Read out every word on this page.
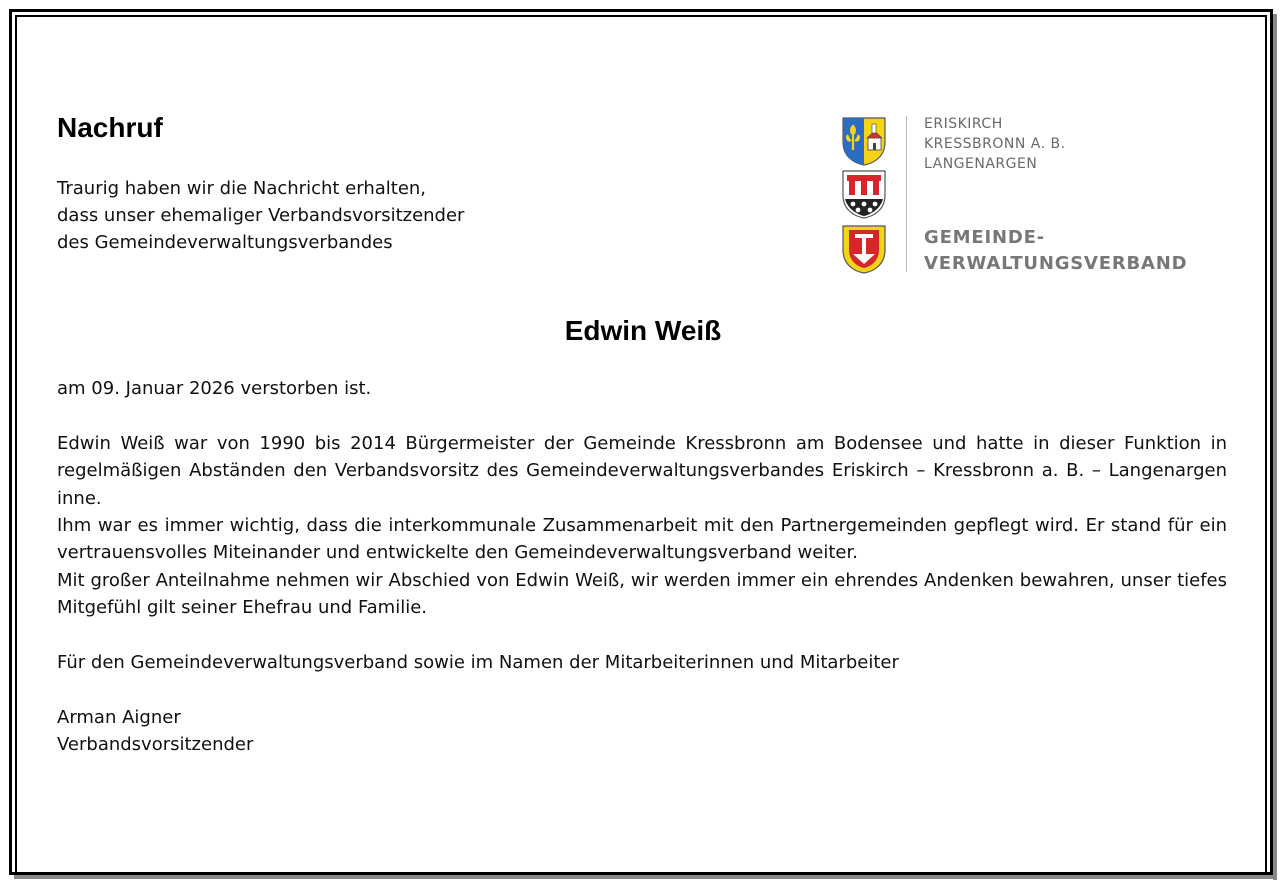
Nachruf
Traurig haben wir die Nachricht erhalten,
dass unser ehemaliger Verbandsvorsitzender
des Gemeindeverwaltungsverbandes
ERISKIRCH
KRESSBRONN A. B.
LANGENARGEN
GEMEINDE-
VERWALTUNGSVERBAND
Edwin Weiß

am 09. Januar 2026 verstorben ist.

Edwin Weiß war von 1990 bis 2014 Bürgermeister der Gemeinde Kressbronn am Bodensee und hatte in dieser Funktion in regelmäßigen Abständen den Verbandsvorsitz des Gemeindeverwaltungsverbandes Eriskirch – Kressbronn a. B. – Langenargen inne.

Ihm war es immer wichtig, dass die interkommunale Zusammenarbeit mit den Partnergemeinden gepflegt wird. Er stand für ein vertrauensvolles Miteinander und entwickelte den Gemeindeverwaltungsverband weiter.

Mit großer Anteilnahme nehmen wir Abschied von Edwin Weiß, wir werden immer ein ehrendes Andenken bewahren, unser tiefes Mitgefühl gilt seiner Ehefrau und Familie.

Für den Gemeindeverwaltungsverband sowie im Namen der Mitarbeiterinnen und Mitarbeiter

Arman Aigner

Verbandsvorsitzender
